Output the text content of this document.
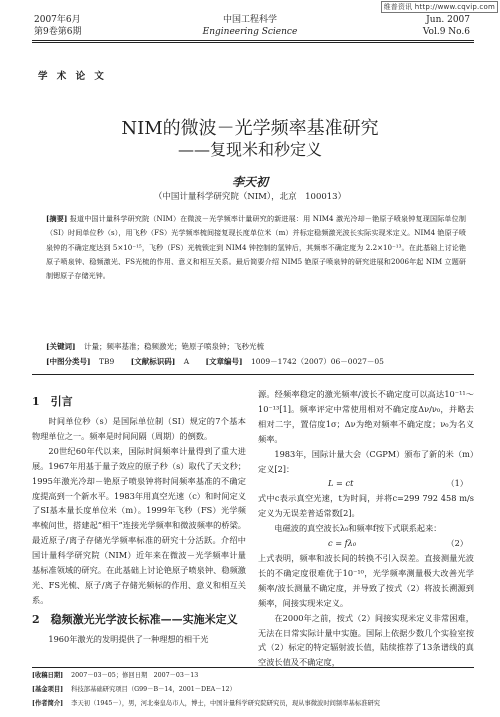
维普资讯 http://www.cqvip.com
2007年6月
第9卷第6期
中国工程科学
Engineering Science
Jun. 2007
Vol.9 No.6
学 术 论 文
NIM的微波－光学频率基准研究
——复现米和秒定义
李天初
（中国计量科学研究院（NIM），北京　100013）
[摘要] 报道中国计量科学研究院（NIM）在微波－光学频率计量研究的新进展：用 NIM4 激光冷却－铯原子喷泉钟复现国际单位制（SI）时间单位秒（s），用飞秒（FS）光学频率梳间接复现长度单位米（m）并标定稳频激光波长实际实现米定义。NIM4 铯原子喷泉钟的不确定度达到 5×10⁻¹⁵，飞秒（FS）光梳锁定到 NIM4 钟控制的氢钟后，其频率不确定度为 2.2×10⁻¹³。在此基础上讨论铯原子喷泉钟、稳频激光、FS光梳的作用、意义和相互关系。最后简要介绍 NIM5 铯原子喷泉钟的研究进展和2006年起 NIM 立题研制锶原子存储光钟。
[关键词] 计量；频率基准；稳频激光；铯原子喷泉钟；飞秒光梳
[中图分类号] TB9 [文献标识码] A [文章编号] 1009－1742（2007）06－0027－05
1　引言

时间单位秒（s）是国际单位制（SI）规定的7个基本物理单位之一。频率是时间间隔（周期）的倒数。

20世纪60年代以来，国际时间频率计量得到了重大进展。1967年用基于量子效应的原子秒（s）取代了天文秒；1995年激光冷却－铯原子喷泉钟将时间频率基准的不确定度提高到一个新水平。1983年用真空光速（c）和时间定义了SI基本量长度单位米（m）。1999年飞秒（FS）光学频率梳问世，搭建起“相干”连接光学频率和微波频率的桥梁。最近原子/离子存储光学频率标准的研究十分活跃。介绍中国计量科学研究院（NIM）近年来在微波－光学频率计量基标准领域的研究。在此基础上讨论铯原子喷泉钟、稳频激光、FS光梳、原子/离子存储光频标的作用、意义和相互关系。

2　稳频激光光学波长标准——实施米定义

1960年激光的发明提供了一种理想的相干光

源。经频率稳定的激光频率/波长不确定度可以高达10⁻¹¹～10⁻¹³[1]。频率评定中常使用相对不确定度Δν/ν₀，并略去相对二字，置信度1σ；Δν为绝对频率不确定度；ν₀为名义频率。

1983年，国际计量大会（CGPM）颁布了新的米（m）定义[2]：

L = ct	（1）

式中c表示真空光速，t为时间，并将c=299 792 458 m/s定义为无误差普适常数[2]。

电磁波的真空波长λ₀和频率f按下式联系起来：

c = fλ₀	（2）

上式表明，频率和波长间的转换不引入误差。直接测量光波长的不确定度很难优于10⁻¹⁰，光学频率测量极大改善光学频率/波长测量不确定度，并导致了按式（2）将波长溯源到频率，间接实现米定义。

在2000年之前，按式（2）间接实现米定义非常困难，无法在日常实际计量中实施。国际上依据少数几个实验室按式（2）标定的特定辐射波长值，陆续推荐了13条谱线的真空波长值及不确定度，

[收稿日期] 2007－03－05；修回日期　2007－03－13
[基金项目] 科技部基础研究项目（G99－B－14，2001－DEA－12）
[作者简介] 李天初（1945－），男，河北秦皇岛市人，博士，中国计量科学研究院研究员，现从事微波时间频率基标准研究
